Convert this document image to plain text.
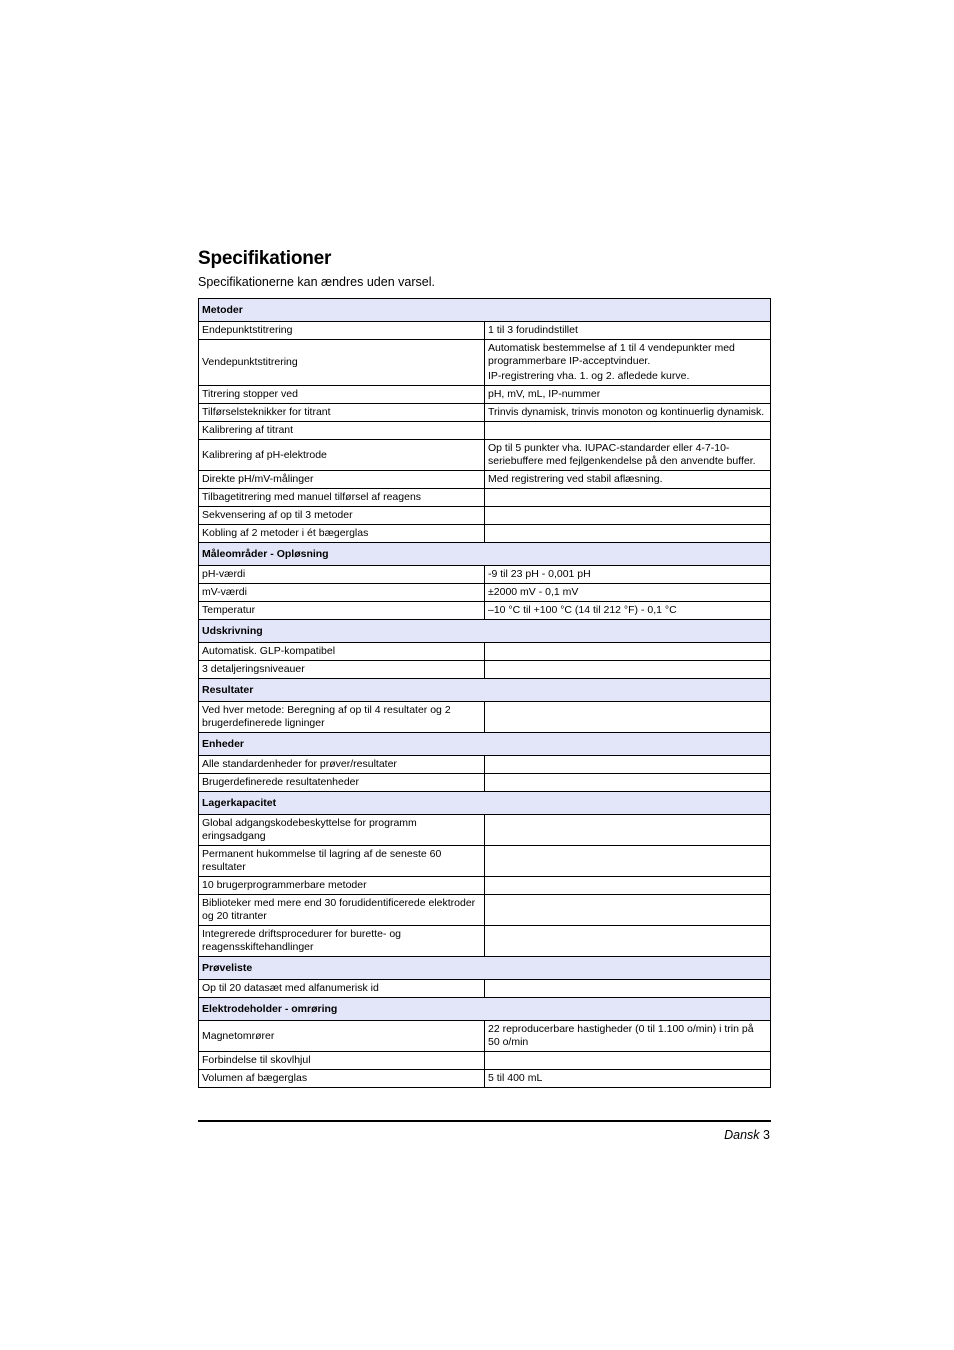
Specifikationer

Specifikationerne kan ændres uden varsel.

Metoder	
Endepunktstitrering	1 til 3 forudindstillet

Vendepunktstitrering	Automatisk bestemmelse af 1 til 4 vendepunkter med programmerbare IP-acceptvinduer.

IP-registrering vha. 1. og 2. afledede kurve.

Titrering stopper ved	pH, mV, mL, IP-nummer

Tilførselsteknikker for titrant	Trinvis dynamisk, trinvis monoton og kontinuerlig dynamisk.

Kalibrering af titrant	
Kalibrering af pH-elektrode	Op til 5 punkter vha. IUPAC-standarder eller 4-7-10-seriebuffere med fejlgenkendelse på den anvendte buffer.

Direkte pH/mV-målinger	Med registrering ved stabil aflæsning.

Tilbagetitrering med manuel tilførsel af reagens	
Sekvensering af op til 3 metoder	
Kobling af 2 metoder i ét bægerglas	
Måleområder - Opløsning	
pH-værdi	-9 til 23 pH - 0,001 pH

mV-værdi	±2000 mV - 0,1 mV

Temperatur	–10 °C til +100 °C (14 til 212 °F) - 0,1 °C

Udskrivning	
Automatisk. GLP-kompatibel	
3 detaljeringsniveauer	
Resultater	
Ved hver metode: Beregning af op til 4 resultater og 2 brugerdefinerede ligninger	
Enheder	
Alle standardenheder for prøver/resultater	
Brugerdefinerede resultatenheder	
Lagerkapacitet	
Global adgangskodebeskyttelse for programm eringsadgang	
Permanent hukommelse til lagring af de seneste 60 resultater	
10 brugerprogrammerbare metoder	
Biblioteker med mere end 30 forudidentificerede elektroder og 20 titranter	
Integrerede driftsprocedurer for burette- og reagensskiftehandlinger	
Prøveliste	
Op til 20 datasæt med alfanumerisk id	
Elektrodeholder - omrøring	
Magnetomrører	22 reproducerbare hastigheder (0 til 1.100 o/min) i trin på 50 o/min

Forbindelse til skovlhjul	
Volumen af bægerglas	5 til 400 mL

Dansk 3
